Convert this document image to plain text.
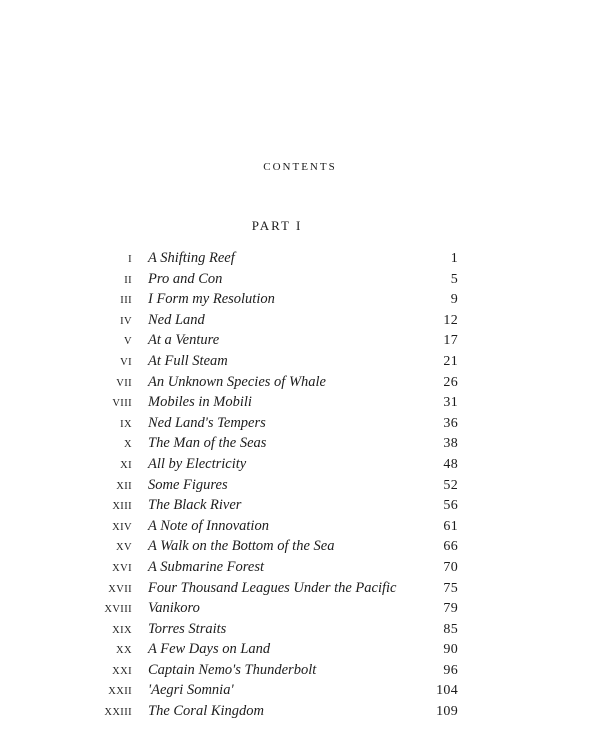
contents
PART I
I A Shifting Reef	1
II Pro and Con	5
III I Form my Resolution	9
IV Ned Land	12
V At a Venture	17
VI At Full Steam	21
VII An Unknown Species of Whale	26
VIII Mobiles in Mobili	31
IX Ned Land's Tempers	36
X The Man of the Seas	38
XI All by Electricity	48
XII Some Figures	52
XIII The Black River	56
XIV A Note of Innovation	61
XV A Walk on the Bottom of the Sea	66
XVI A Submarine Forest	70
XVII Four Thousand Leagues Under the Pacific	75
XVIII Vanikoro	79
XIX Torres Straits	85
XX A Few Days on Land	90
XXI Captain Nemo's Thunderbolt	96
XXII 'Aegri Somnia'	104
XXIII The Coral Kingdom	109
